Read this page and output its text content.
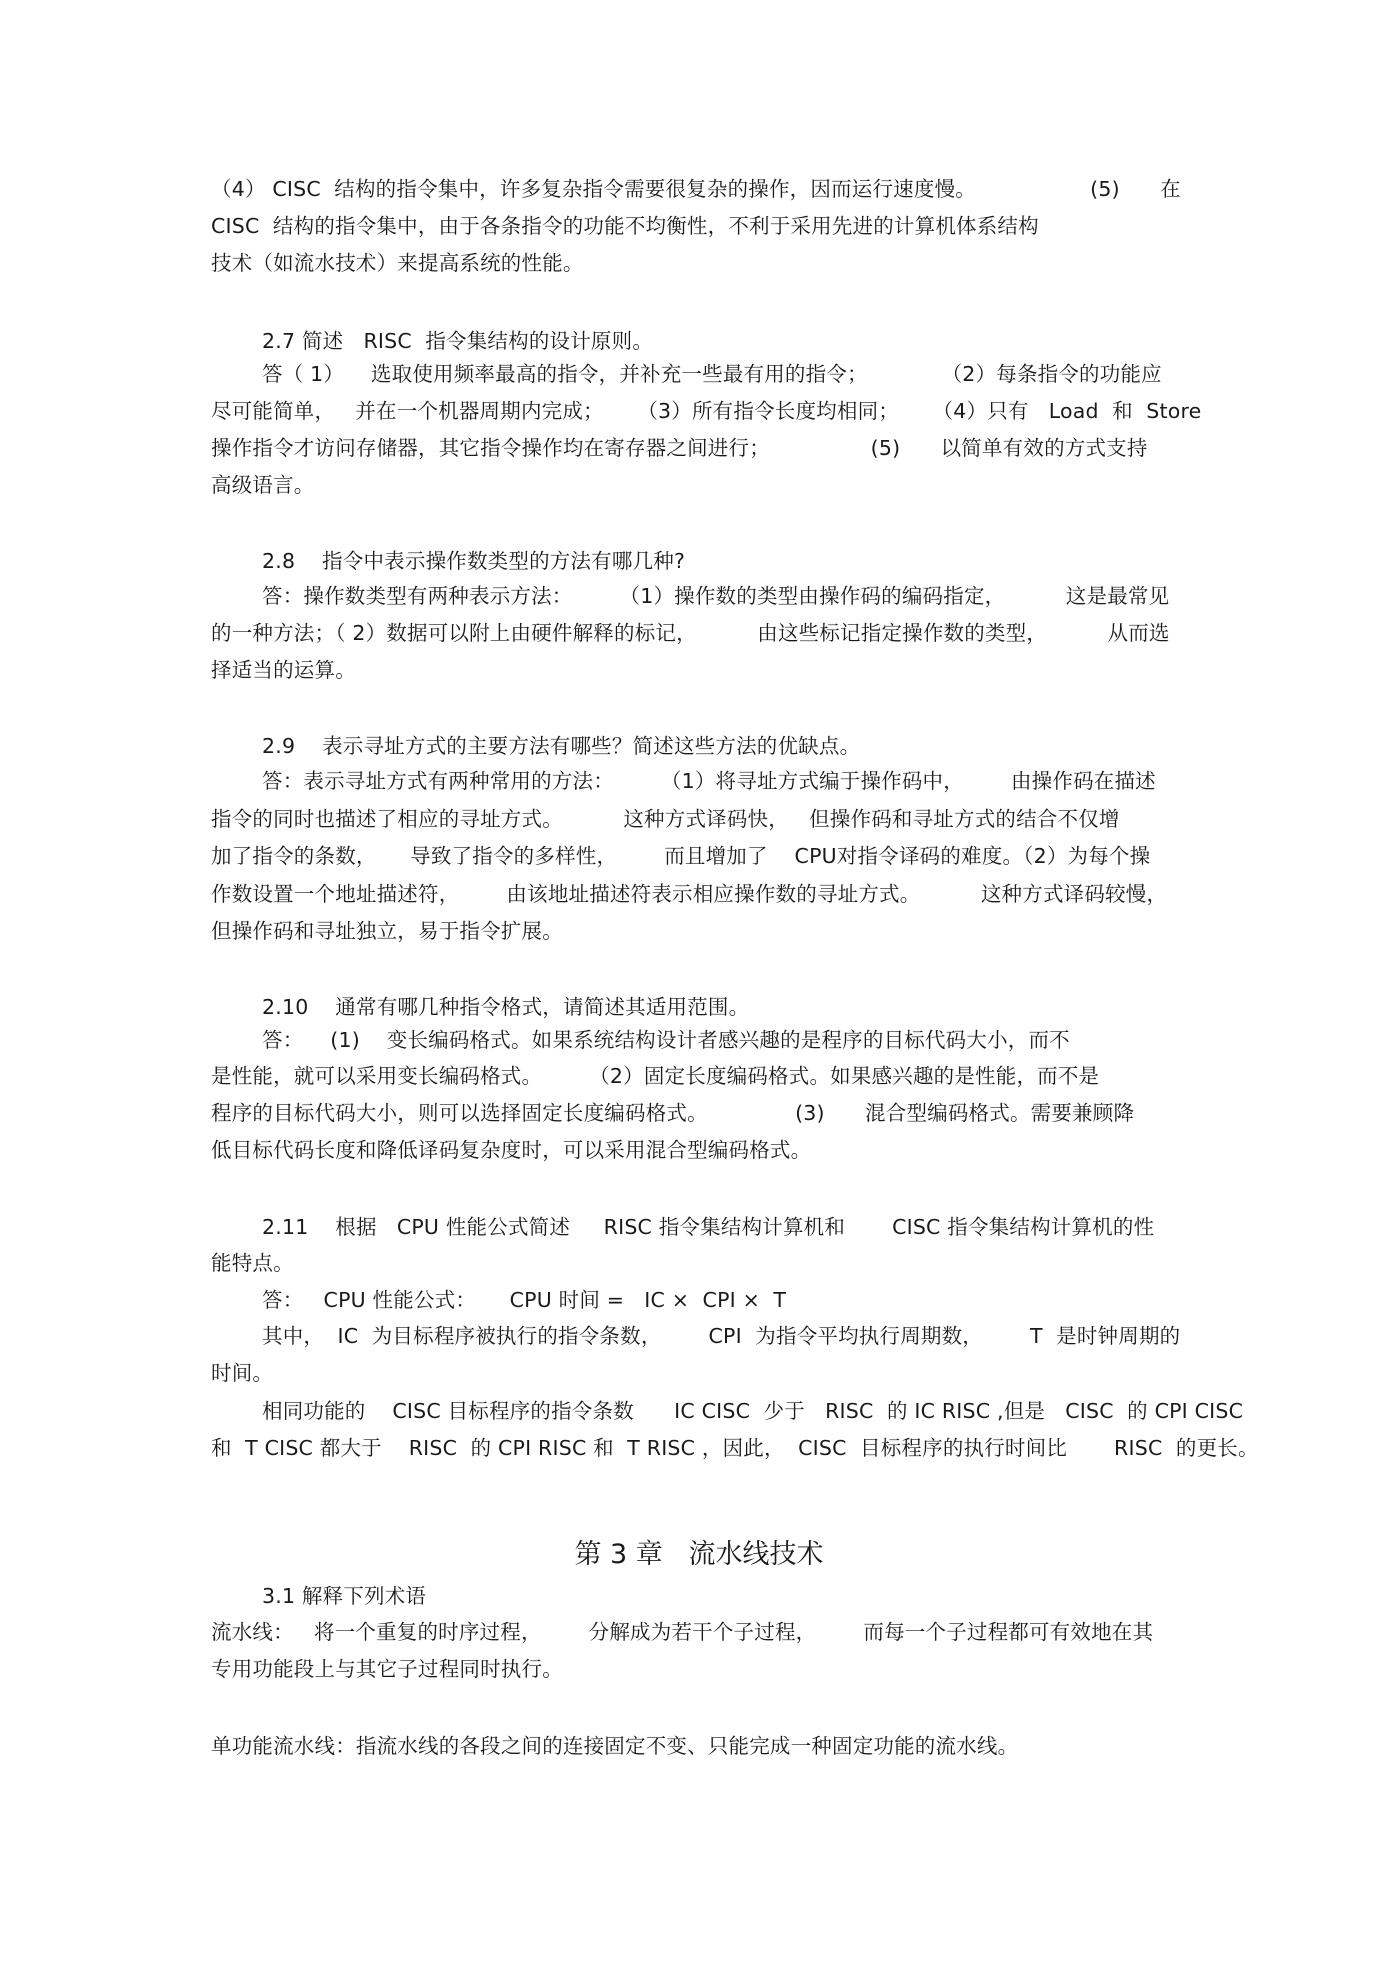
（4） CISC  结构的指令集中，许多复杂指令需要很复杂的操作，因而运行速度慢。                 (5)      在
CISC  结构的指令集中，由于各条指令的功能不均衡性，不利于采用先进的计算机体系结构
技术（如流水技术）来提高系统的性能。
2.7 简述   RISC  指令集结构的设计原则。
答（ 1）    选取使用频率最高的指令，并补充一些最有用的指令；           （2）每条指令的功能应
尽可能简单，   并在一个机器周期内完成；     （3）所有指令长度均相同；     （4）只有   Load  和  Store
操作指令才访问存储器，其它指令操作均在寄存器之间进行；               (5)      以简单有效的方式支持
高级语言。
2.8    指令中表示操作数类型的方法有哪几种?
答：操作数类型有两种表示方法：       （1）操作数的类型由操作码的编码指定，         这是最常见
的一种方法；（ 2）数据可以附上由硬件解释的标记，         由这些标记指定操作数的类型，         从而选
择适当的运算。
2.9    表示寻址方式的主要方法有哪些？简述这些方法的优缺点。
答：表示寻址方式有两种常用的方法：       （1）将寻址方式编于操作码中，       由操作码在描述
指令的同时也描述了相应的寻址方式。         这种方式译码快，   但操作码和寻址方式的结合不仅增
加了指令的条数，     导致了指令的多样性，       而且增加了    CPU对指令译码的难度。（2）为每个操
作数设置一个地址描述符，       由该地址描述符表示相应操作数的寻址方式。         这种方式译码较慢，
但操作码和寻址独立，易于指令扩展。
2.10    通常有哪几种指令格式，请简述其适用范围。
答：    (1)    变长编码格式。如果系统结构设计者感兴趣的是程序的目标代码大小，而不
是性能，就可以采用变长编码格式。       （2）固定长度编码格式。如果感兴趣的是性能，而不是
程序的目标代码大小，则可以选择固定长度编码格式。             (3)      混合型编码格式。需要兼顾降
低目标代码长度和降低译码复杂度时，可以采用混合型编码格式。
2.11    根据   CPU 性能公式简述     RISC 指令集结构计算机和       CISC 指令集结构计算机的性
能特点。
答：   CPU 性能公式：     CPU 时间 =   IC ×  CPI ×  T
其中，  IC  为目标程序被执行的指令条数，       CPI  为指令平均执行周期数，       T  是时钟周期的
时间。
相同功能的    CISC 目标程序的指令条数      IC CISC  少于   RISC  的 IC RISC ,但是   CISC  的 CPI CISC
和  T CISC 都大于    RISC  的 CPI RISC 和  T RISC ，因此，  CISC  目标程序的执行时间比       RISC  的更长。
第 3 章   流水线技术
3.1 解释下列术语
流水线：   将一个重复的时序过程，       分解成为若干个子过程，       而每一个子过程都可有效地在其
专用功能段上与其它子过程同时执行。
单功能流水线：指流水线的各段之间的连接固定不变、只能完成一种固定功能的流水线。
